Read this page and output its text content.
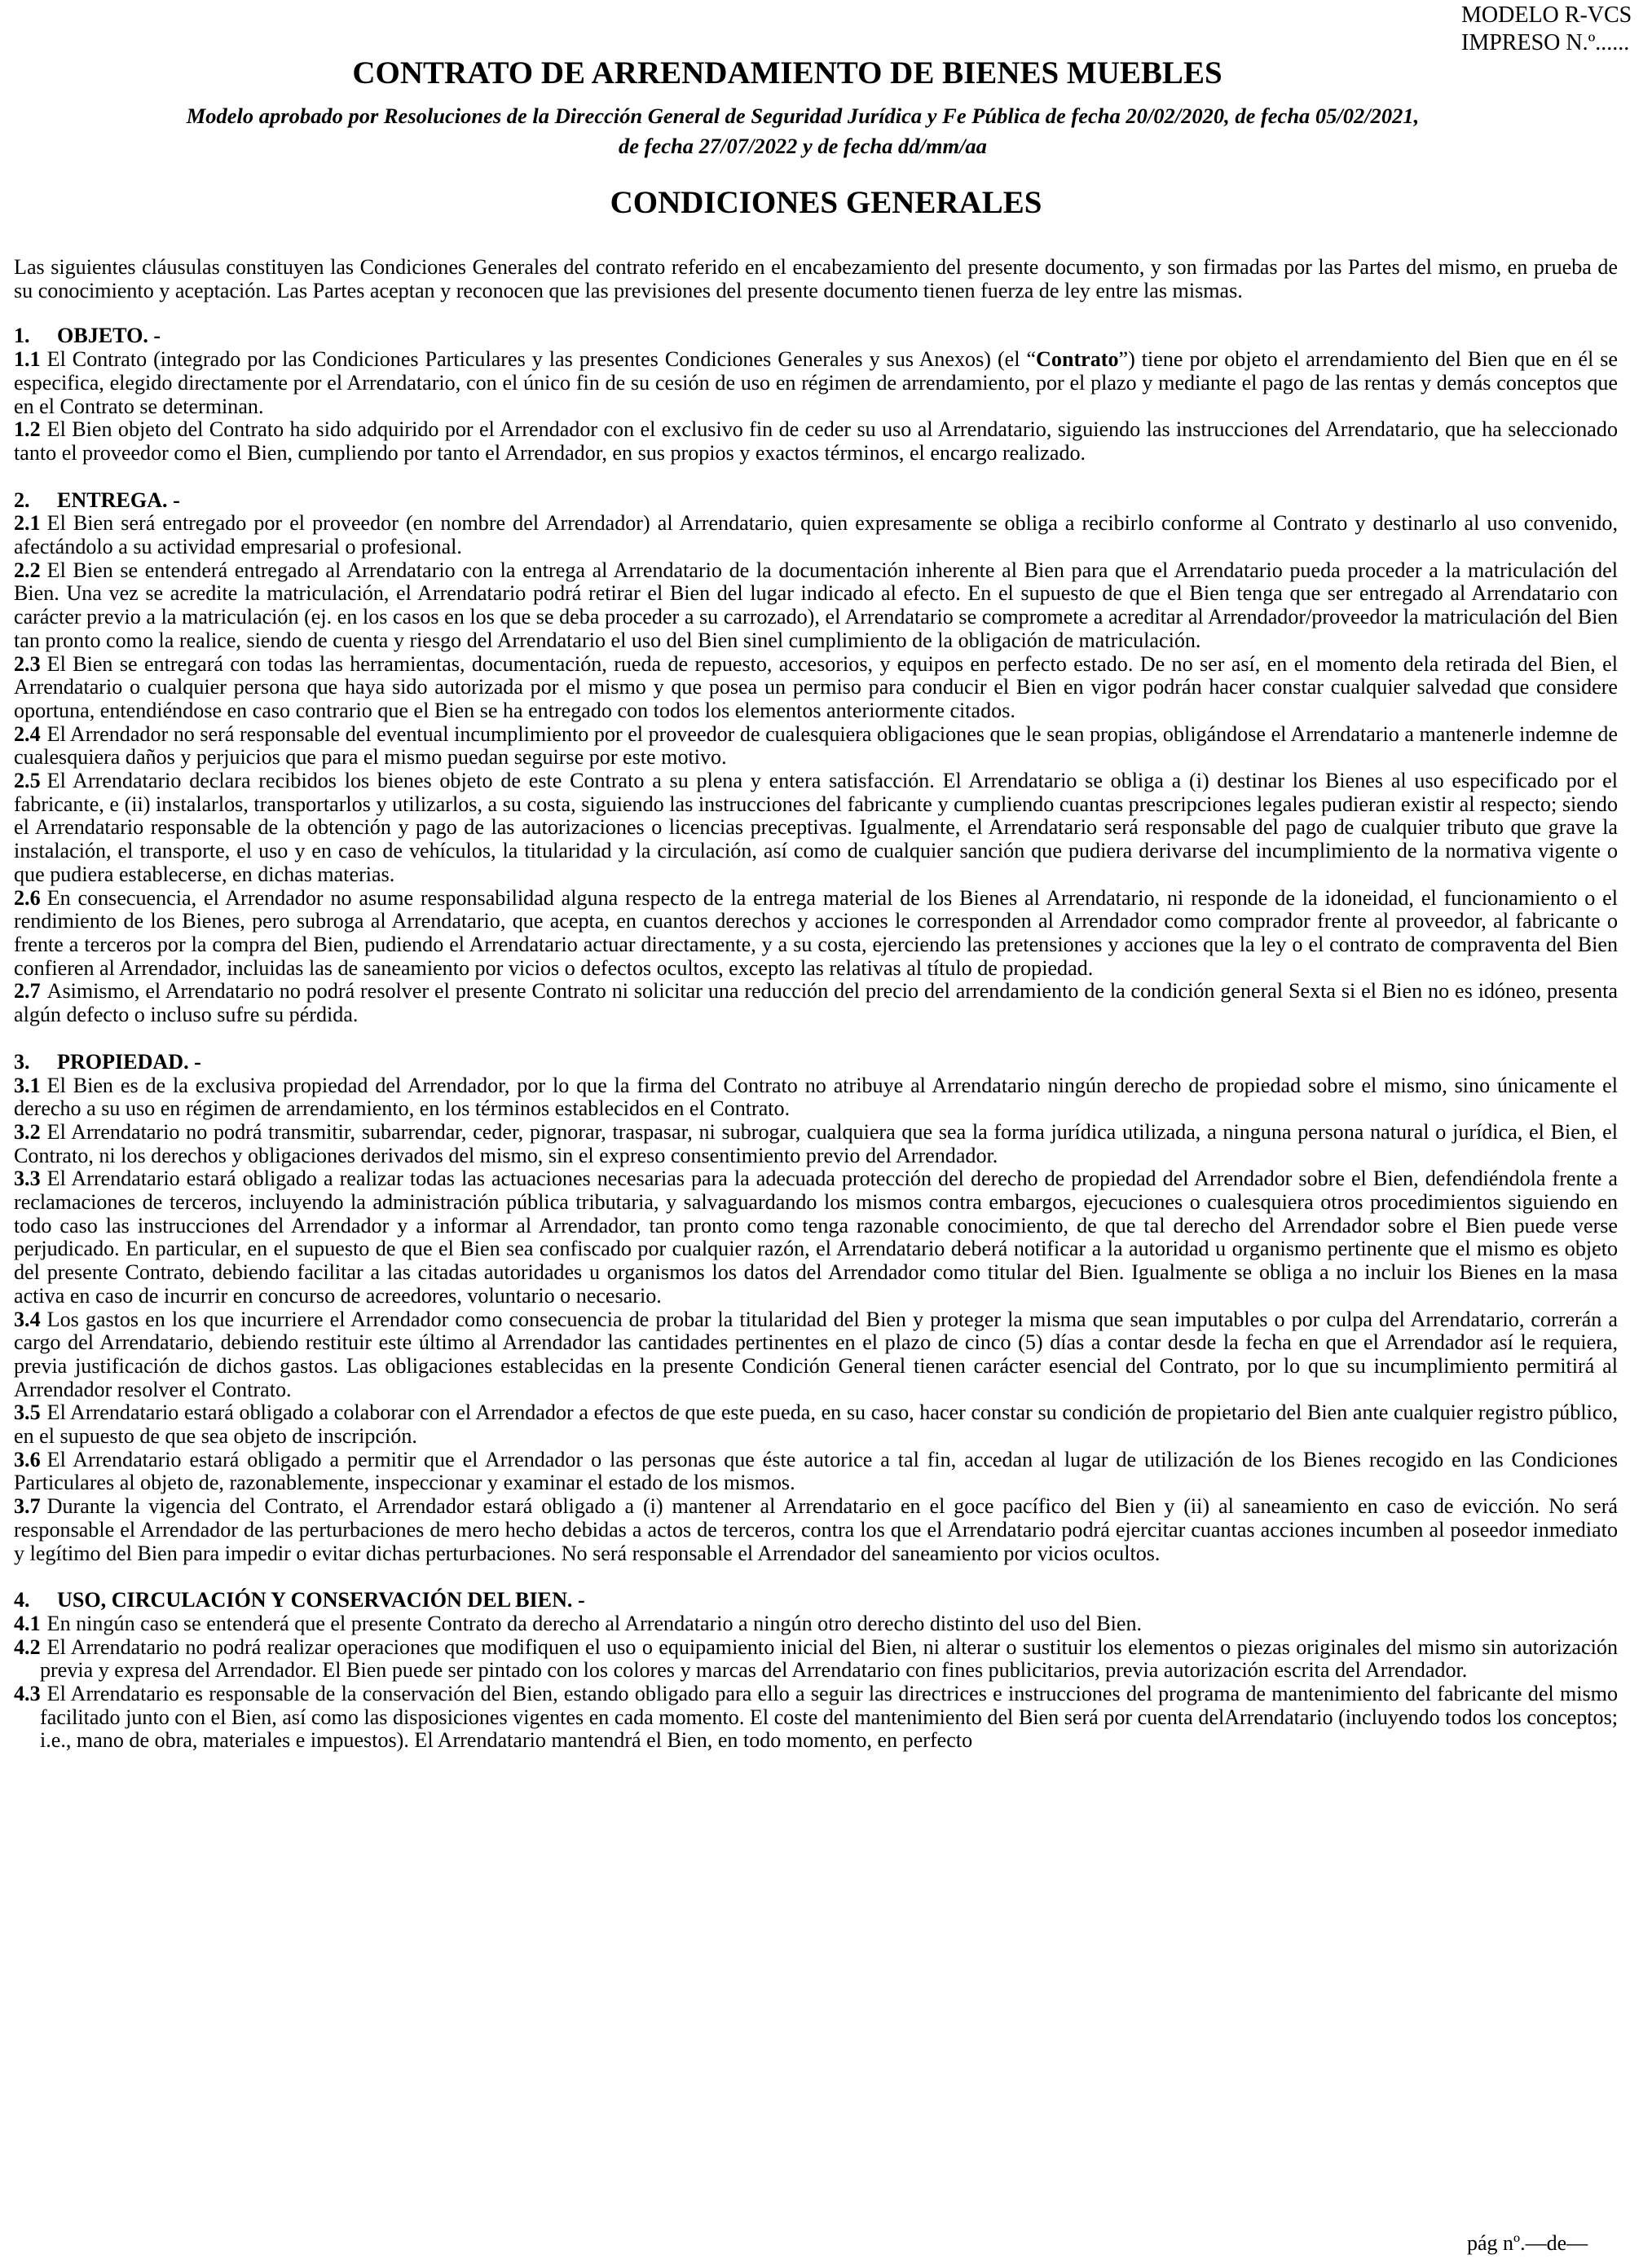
MODELO R-VCS
IMPRESO N.º......
CONTRATO DE ARRENDAMIENTO DE BIENES MUEBLES
Modelo aprobado por Resoluciones de la Dirección General de Seguridad Jurídica y Fe Pública de fecha 20/02/2020, de fecha 05/02/2021,
de fecha 27/07/2022 y de fecha dd/mm/aa
CONDICIONES GENERALES

Las siguientes cláusulas constituyen las Condiciones Generales del contrato referido en el encabezamiento del presente documento, y son firmadas por las Partes del mismo, en prueba de su conocimiento y aceptación. Las Partes aceptan y reconocen que las previsiones del presente documento tienen fuerza de ley entre las mismas.

1. OBJETO. -

1.1 El Contrato (integrado por las Condiciones Particulares y las presentes Condiciones Generales y sus Anexos) (el “Contrato”) tiene por objeto el arrendamiento del Bien que en él se especifica, elegido directamente por el Arrendatario, con el único fin de su cesión de uso en régimen de arrendamiento, por el plazo y mediante el pago de las rentas y demás conceptos que en el Contrato se determinan.

1.2 El Bien objeto del Contrato ha sido adquirido por el Arrendador con el exclusivo fin de ceder su uso al Arrendatario, siguiendo las instrucciones del Arrendatario, que ha seleccionado tanto el proveedor como el Bien, cumpliendo por tanto el Arrendador, en sus propios y exactos términos, el encargo realizado.

2. ENTREGA. -

2.1 El Bien será entregado por el proveedor (en nombre del Arrendador) al Arrendatario, quien expresamente se obliga a recibirlo conforme al Contrato y destinarlo al uso convenido, afectándolo a su actividad empresarial o profesional.

2.2 El Bien se entenderá entregado al Arrendatario con la entrega al Arrendatario de la documentación inherente al Bien para que el Arrendatario pueda proceder a la matriculación del Bien. Una vez se acredite la matriculación, el Arrendatario podrá retirar el Bien del lugar indicado al efecto. En el supuesto de que el Bien tenga que ser entregado al Arrendatario con carácter previo a la matriculación (ej. en los casos en los que se deba proceder a su carrozado), el Arrendatario se compromete a acreditar al Arrendador/proveedor la matriculación del Bien tan pronto como la realice, siendo de cuenta y riesgo del Arrendatario el uso del Bien sinel cumplimiento de la obligación de matriculación.

2.3 El Bien se entregará con todas las herramientas, documentación, rueda de repuesto, accesorios, y equipos en perfecto estado. De no ser así, en el momento dela retirada del Bien, el Arrendatario o cualquier persona que haya sido autorizada por el mismo y que posea un permiso para conducir el Bien en vigor podrán hacer constar cualquier salvedad que considere oportuna, entendiéndose en caso contrario que el Bien se ha entregado con todos los elementos anteriormente citados.

2.4 El Arrendador no será responsable del eventual incumplimiento por el proveedor de cualesquiera obligaciones que le sean propias, obligándose el Arrendatario a mantenerle indemne de cualesquiera daños y perjuicios que para el mismo puedan seguirse por este motivo.

2.5 El Arrendatario declara recibidos los bienes objeto de este Contrato a su plena y entera satisfacción. El Arrendatario se obliga a (i) destinar los Bienes al uso especificado por el fabricante, e (ii) instalarlos, transportarlos y utilizarlos, a su costa, siguiendo las instrucciones del fabricante y cumpliendo cuantas prescripciones legales pudieran existir al respecto; siendo el Arrendatario responsable de la obtención y pago de las autorizaciones o licencias preceptivas. Igualmente, el Arrendatario será responsable del pago de cualquier tributo que grave la instalación, el transporte, el uso y en caso de vehículos, la titularidad y la circulación, así como de cualquier sanción que pudiera derivarse del incumplimiento de la normativa vigente o que pudiera establecerse, en dichas materias.

2.6 En consecuencia, el Arrendador no asume responsabilidad alguna respecto de la entrega material de los Bienes al Arrendatario, ni responde de la idoneidad, el funcionamiento o el rendimiento de los Bienes, pero subroga al Arrendatario, que acepta, en cuantos derechos y acciones le corresponden al Arrendador como comprador frente al proveedor, al fabricante o frente a terceros por la compra del Bien, pudiendo el Arrendatario actuar directamente, y a su costa, ejerciendo las pretensiones y acciones que la ley o el contrato de compraventa del Bien confieren al Arrendador, incluidas las de saneamiento por vicios o defectos ocultos, excepto las relativas al título de propiedad.

2.7 Asimismo, el Arrendatario no podrá resolver el presente Contrato ni solicitar una reducción del precio del arrendamiento de la condición general Sexta si el Bien no es idóneo, presenta algún defecto o incluso sufre su pérdida.

3. PROPIEDAD. -

3.1 El Bien es de la exclusiva propiedad del Arrendador, por lo que la firma del Contrato no atribuye al Arrendatario ningún derecho de propiedad sobre el mismo, sino únicamente el derecho a su uso en régimen de arrendamiento, en los términos establecidos en el Contrato.

3.2 El Arrendatario no podrá transmitir, subarrendar, ceder, pignorar, traspasar, ni subrogar, cualquiera que sea la forma jurídica utilizada, a ninguna persona natural o jurídica, el Bien, el Contrato, ni los derechos y obligaciones derivados del mismo, sin el expreso consentimiento previo del Arrendador.

3.3 El Arrendatario estará obligado a realizar todas las actuaciones necesarias para la adecuada protección del derecho de propiedad del Arrendador sobre el Bien, defendiéndola frente a reclamaciones de terceros, incluyendo la administración pública tributaria, y salvaguardando los mismos contra embargos, ejecuciones o cualesquiera otros procedimientos siguiendo en todo caso las instrucciones del Arrendador y a informar al Arrendador, tan pronto como tenga razonable conocimiento, de que tal derecho del Arrendador sobre el Bien puede verse perjudicado. En particular, en el supuesto de que el Bien sea confiscado por cualquier razón, el Arrendatario deberá notificar a la autoridad u organismo pertinente que el mismo es objeto del presente Contrato, debiendo facilitar a las citadas autoridades u organismos los datos del Arrendador como titular del Bien. Igualmente se obliga a no incluir los Bienes en la masa activa en caso de incurrir en concurso de acreedores, voluntario o necesario.

3.4 Los gastos en los que incurriere el Arrendador como consecuencia de probar la titularidad del Bien y proteger la misma que sean imputables o por culpa del Arrendatario, correrán a cargo del Arrendatario, debiendo restituir este último al Arrendador las cantidades pertinentes en el plazo de cinco (5) días a contar desde la fecha en que el Arrendador así le requiera, previa justificación de dichos gastos. Las obligaciones establecidas en la presente Condición General tienen carácter esencial del Contrato, por lo que su incumplimiento permitirá al Arrendador resolver el Contrato.

3.5 El Arrendatario estará obligado a colaborar con el Arrendador a efectos de que este pueda, en su caso, hacer constar su condición de propietario del Bien ante cualquier registro público, en el supuesto de que sea objeto de inscripción.

3.6 El Arrendatario estará obligado a permitir que el Arrendador o las personas que éste autorice a tal fin, accedan al lugar de utilización de los Bienes recogido en las Condiciones Particulares al objeto de, razonablemente, inspeccionar y examinar el estado de los mismos.

3.7 Durante la vigencia del Contrato, el Arrendador estará obligado a (i) mantener al Arrendatario en el goce pacífico del Bien y (ii) al saneamiento en caso de evicción. No será responsable el Arrendador de las perturbaciones de mero hecho debidas a actos de terceros, contra los que el Arrendatario podrá ejercitar cuantas acciones incumben al poseedor inmediato y legítimo del Bien para impedir o evitar dichas perturbaciones. No será responsable el Arrendador del saneamiento por vicios ocultos.

4. USO, CIRCULACIÓN Y CONSERVACIÓN DEL BIEN. -

4.1 En ningún caso se entenderá que el presente Contrato da derecho al Arrendatario a ningún otro derecho distinto del uso del Bien.

4.2 El Arrendatario no podrá realizar operaciones que modifiquen el uso o equipamiento inicial del Bien, ni alterar o sustituir los elementos o piezas originales del mismo sin autorización previa y expresa del Arrendador. El Bien puede ser pintado con los colores y marcas del Arrendatario con fines publicitarios, previa autorización escrita del Arrendador.

4.3 El Arrendatario es responsable de la conservación del Bien, estando obligado para ello a seguir las directrices e instrucciones del programa de mantenimiento del fabricante del mismo facilitado junto con el Bien, así como las disposiciones vigentes en cada momento. El coste del mantenimiento del Bien será por cuenta delArrendatario (incluyendo todos los conceptos; i.e., mano de obra, materiales e impuestos). El Arrendatario mantendrá el Bien, en todo momento, en perfecto

pág nº.—de—
